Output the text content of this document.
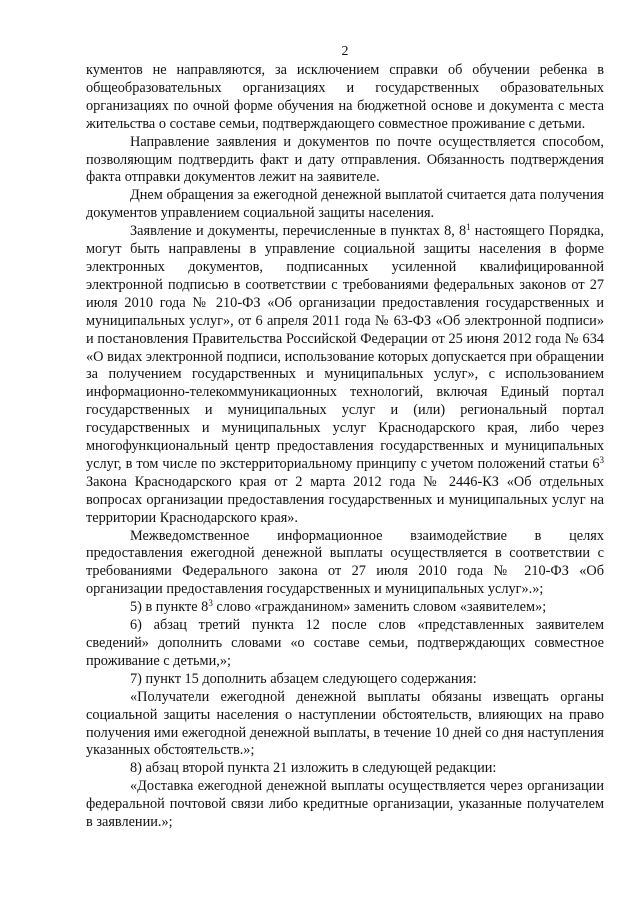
2

кументов не направляются, за исключением справки об обучении ребенка в общеобразовательных организациях и государственных образовательных организациях по очной форме обучения на бюджетной основе и документа с места жительства о составе семьи, подтверждающего совместное проживание с детьми.

Направление заявления и документов по почте осуществляется способом, позволяющим подтвердить факт и дату отправления. Обязанность подтверждения факта отправки документов лежит на заявителе.

Днем обращения за ежегодной денежной выплатой считается дата получения документов управлением социальной защиты населения.

Заявление и документы, перечисленные в пунктах 8, $8^1$ настоящего Порядка, могут быть направлены в управление социальной защиты населения в форме электронных документов, подписанных усиленной квалифицированной электронной подписью в соответствии с требованиями федеральных законов от 27 июля 2010 года № 210-ФЗ «Об организации предоставления государственных и муниципальных услуг», от 6 апреля 2011 года № 63-ФЗ «Об электронной подписи» и постановления Правительства Российской Федерации от 25 июня 2012 года № 634 «О видах электронной подписи, использование которых допускается при обращении за получением государственных и муниципальных услуг», с использованием информационно-телекоммуникационных технологий, включая Единый портал государственных и муниципальных услуг и (или) региональный портал государственных и муниципальных услуг Краснодарского края, либо через многофункциональный центр предоставления государственных и муниципальных услуг, в том числе по экстерриториальному принципу с учетом положений статьи $6^3$ Закона Краснодарского края от 2 марта 2012 года № 2446-КЗ «Об отдельных вопросах организации предоставления государственных и муниципальных услуг на территории Краснодарского края».

Межведомственное информационное взаимодействие в целях предоставления ежегодной денежной выплаты осуществляется в соответствии с требованиями Федерального закона от 27 июля 2010 года № 210-ФЗ «Об организации предоставления государственных и муниципальных услуг».»;

5) в пункте $8^3$ слово «гражданином» заменить словом «заявителем»;

6) абзац третий пункта 12 после слов «представленных заявителем сведений» дополнить словами «о составе семьи, подтверждающих совместное проживание с детьми,»;

7) пункт 15 дополнить абзацем следующего содержания:

«Получатели ежегодной денежной выплаты обязаны извещать органы социальной защиты населения о наступлении обстоятельств, влияющих на право получения ими ежегодной денежной выплаты, в течение 10 дней со дня наступления указанных обстоятельств.»;

8) абзац второй пункта 21 изложить в следующей редакции:

«Доставка ежегодной денежной выплаты осуществляется через организации федеральной почтовой связи либо кредитные организации, указанные получателем в заявлении.»;
